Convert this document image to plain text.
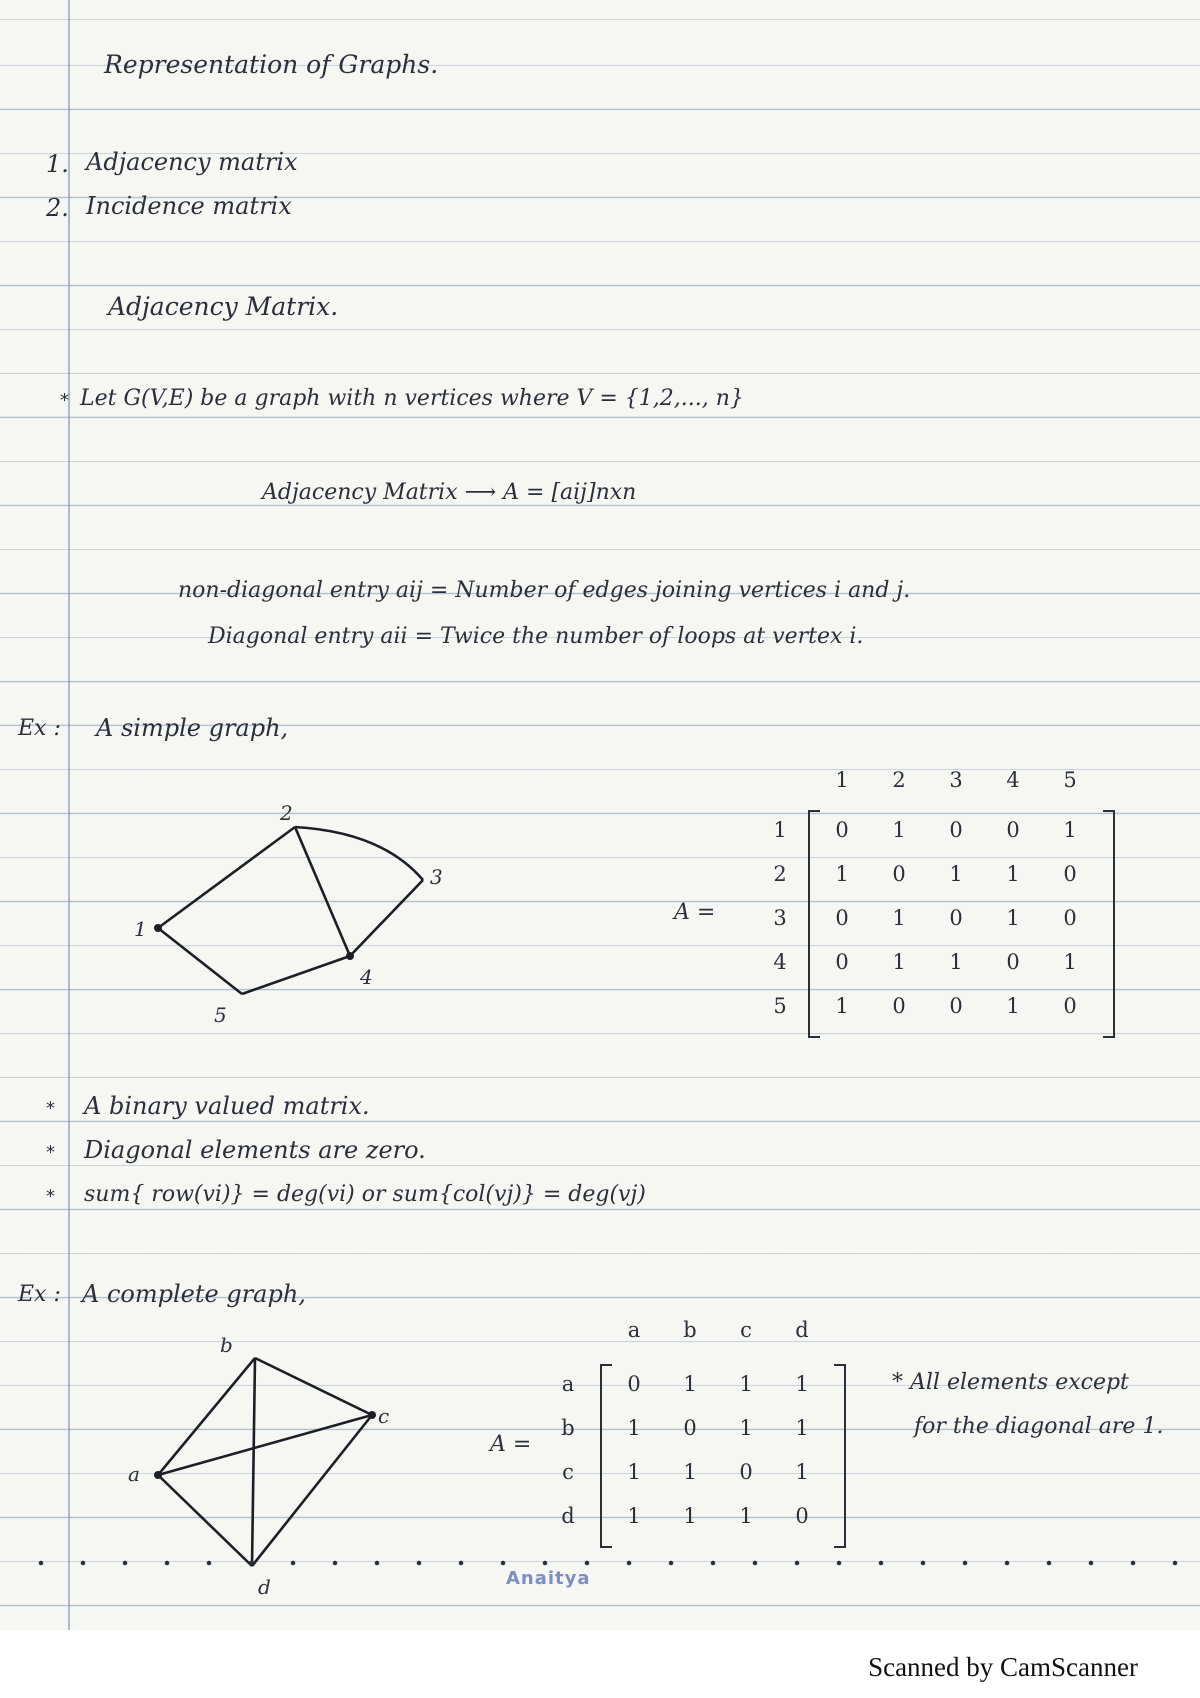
Representation of Graphs.
1. Adjacency matrix
2. Incidence matrix
Adjacency Matrix.
* Let G(V,E) be a graph with n vertices where V = {1,2,..., n}
Adjacency Matrix ⟶ A = [aij]nxn
non-diagonal entry aij = Number of edges joining vertices i and j.
Diagonal entry aii = Twice the number of loops at vertex i.
Ex : A simple graph,
1
2
3
4
5
A =
1	2	3	4	5
1	0	1	0	0	1
2	1	0	1	1	0
3	0	1	0	1	0
4	0	1	1	0	1
5	1	0	0	1	0
* A binary valued matrix.
* Diagonal elements are zero.
* sum{ row(vi)} = deg(vi) or sum{col(vj)} = deg(vj)
Ex : A complete graph,
a
b
c
d
A =
a	b	c	d
a	0	1	1	1
b	1	0	1	1
c	1	1	0	1
d	1	1	1	0
* All elements except
for the diagonal are 1.
Anaitya
Scanned by CamScanner
